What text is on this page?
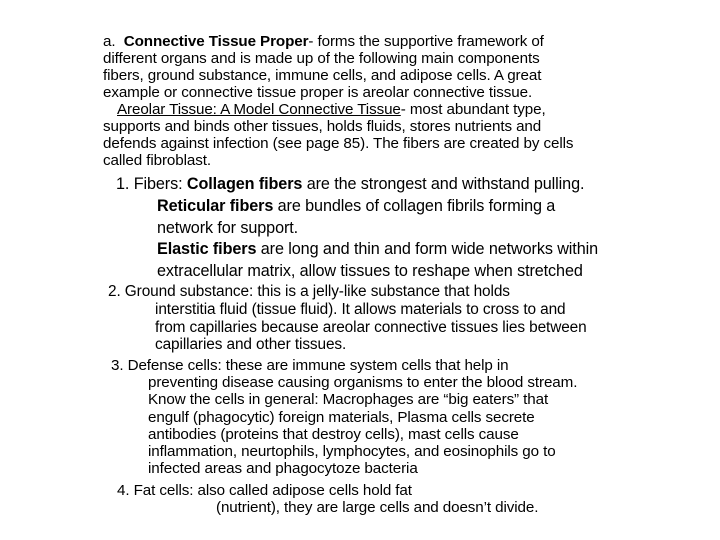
a. Connective Tissue Proper- forms the supportive framework of
different organs and is made up of the following main components
fibers, ground substance, immune cells, and adipose cells. A great
example or connective tissue proper is areolar connective tissue.
Areolar Tissue: A Model Connective Tissue- most abundant type,
supports and binds other tissues, holds fluids, stores nutrients and
defends against infection (see page 85). The fibers are created by cells
called fibroblast.
1. Fibers: Collagen fibers are the strongest and withstand pulling.
Reticular fibers are bundles of collagen fibrils forming a
network for support.
Elastic fibers are long and thin and form wide networks within
extracellular matrix, allow tissues to reshape when stretched
2. Ground substance: this is a jelly-like substance that holds
interstitia fluid (tissue fluid). It allows materials to cross to and
from capillaries because areolar connective tissues lies between
capillaries and other tissues.
3. Defense cells: these are immune system cells that help in
preventing disease causing organisms to enter the blood stream.
Know the cells in general: Macrophages are “big eaters” that
engulf (phagocytic) foreign materials, Plasma cells secrete
antibodies (proteins that destroy cells), mast cells cause
inflammation, neurtophils, lymphocytes, and eosinophils go to
infected areas and phagocytoze bacteria
4. Fat cells: also called adipose cells hold fat
(nutrient), they are large cells and doesn’t divide.
